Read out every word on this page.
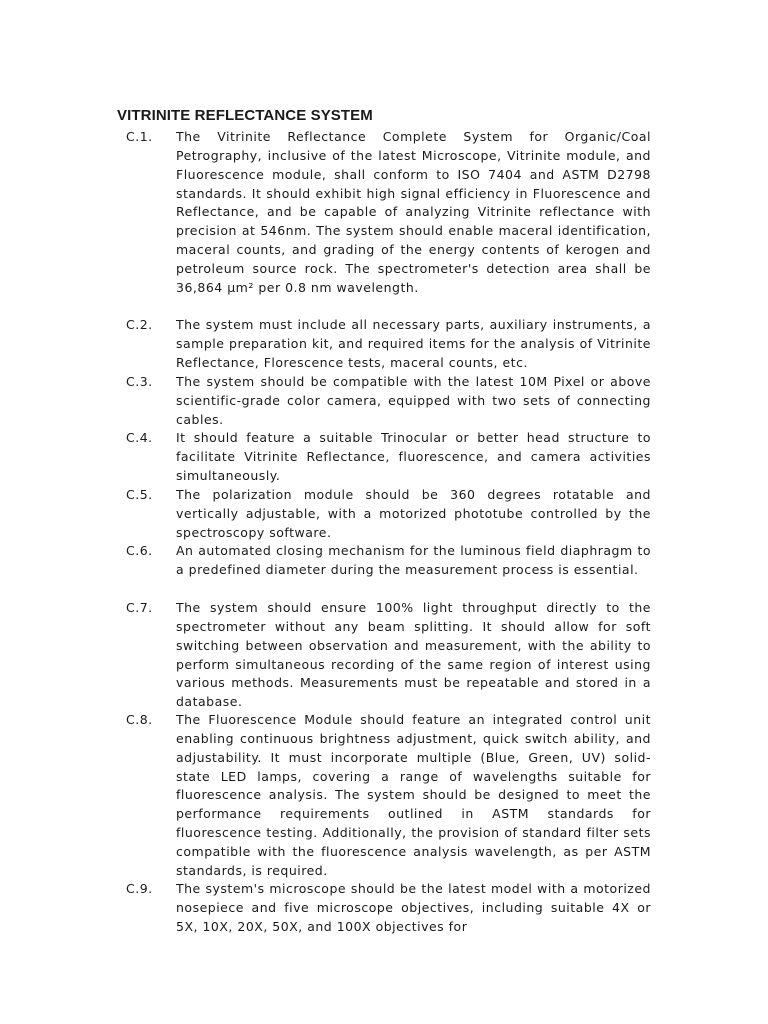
VITRINITE REFLECTANCE SYSTEM
C.1. The Vitrinite Reflectance Complete System for Organic/Coal Petrography, inclusive of the latest Microscope, Vitrinite module, and Fluorescence module, shall conform to ISO 7404 and ASTM D2798 standards. It should exhibit high signal efficiency in Fluorescence and Reflectance, and be capable of analyzing Vitrinite reflectance with precision at 546nm. The system should enable maceral identification, maceral counts, and grading of the energy contents of kerogen and petroleum source rock. The spectrometer's detection area shall be 36,864 µm² per 0.8 nm wavelength.
C.2. The system must include all necessary parts, auxiliary instruments, a sample preparation kit, and required items for the analysis of Vitrinite Reflectance, Florescence tests, maceral counts, etc.
C.3. The system should be compatible with the latest 10M Pixel or above scientific-grade color camera, equipped with two sets of connecting cables.
C.4. It should feature a suitable Trinocular or better head structure to facilitate Vitrinite Reflectance, fluorescence, and camera activities simultaneously.
C.5. The polarization module should be 360 degrees rotatable and vertically adjustable, with a motorized phototube controlled by the spectroscopy software.
C.6. An automated closing mechanism for the luminous field diaphragm to a predefined diameter during the measurement process is essential.
C.7. The system should ensure 100% light throughput directly to the spectrometer without any beam splitting. It should allow for soft switching between observation and measurement, with the ability to perform simultaneous recording of the same region of interest using various methods. Measurements must be repeatable and stored in a database.
C.8. The Fluorescence Module should feature an integrated control unit enabling continuous brightness adjustment, quick switch ability, and adjustability. It must incorporate multiple (Blue, Green, UV) solid-state LED lamps, covering a range of wavelengths suitable for fluorescence analysis. The system should be designed to meet the performance requirements outlined in ASTM standards for fluorescence testing. Additionally, the provision of standard filter sets compatible with the fluorescence analysis wavelength, as per ASTM standards, is required.
C.9. The system's microscope should be the latest model with a motorized nosepiece and five microscope objectives, including suitable 4X or 5X, 10X, 20X, 50X, and 100X objectives for
